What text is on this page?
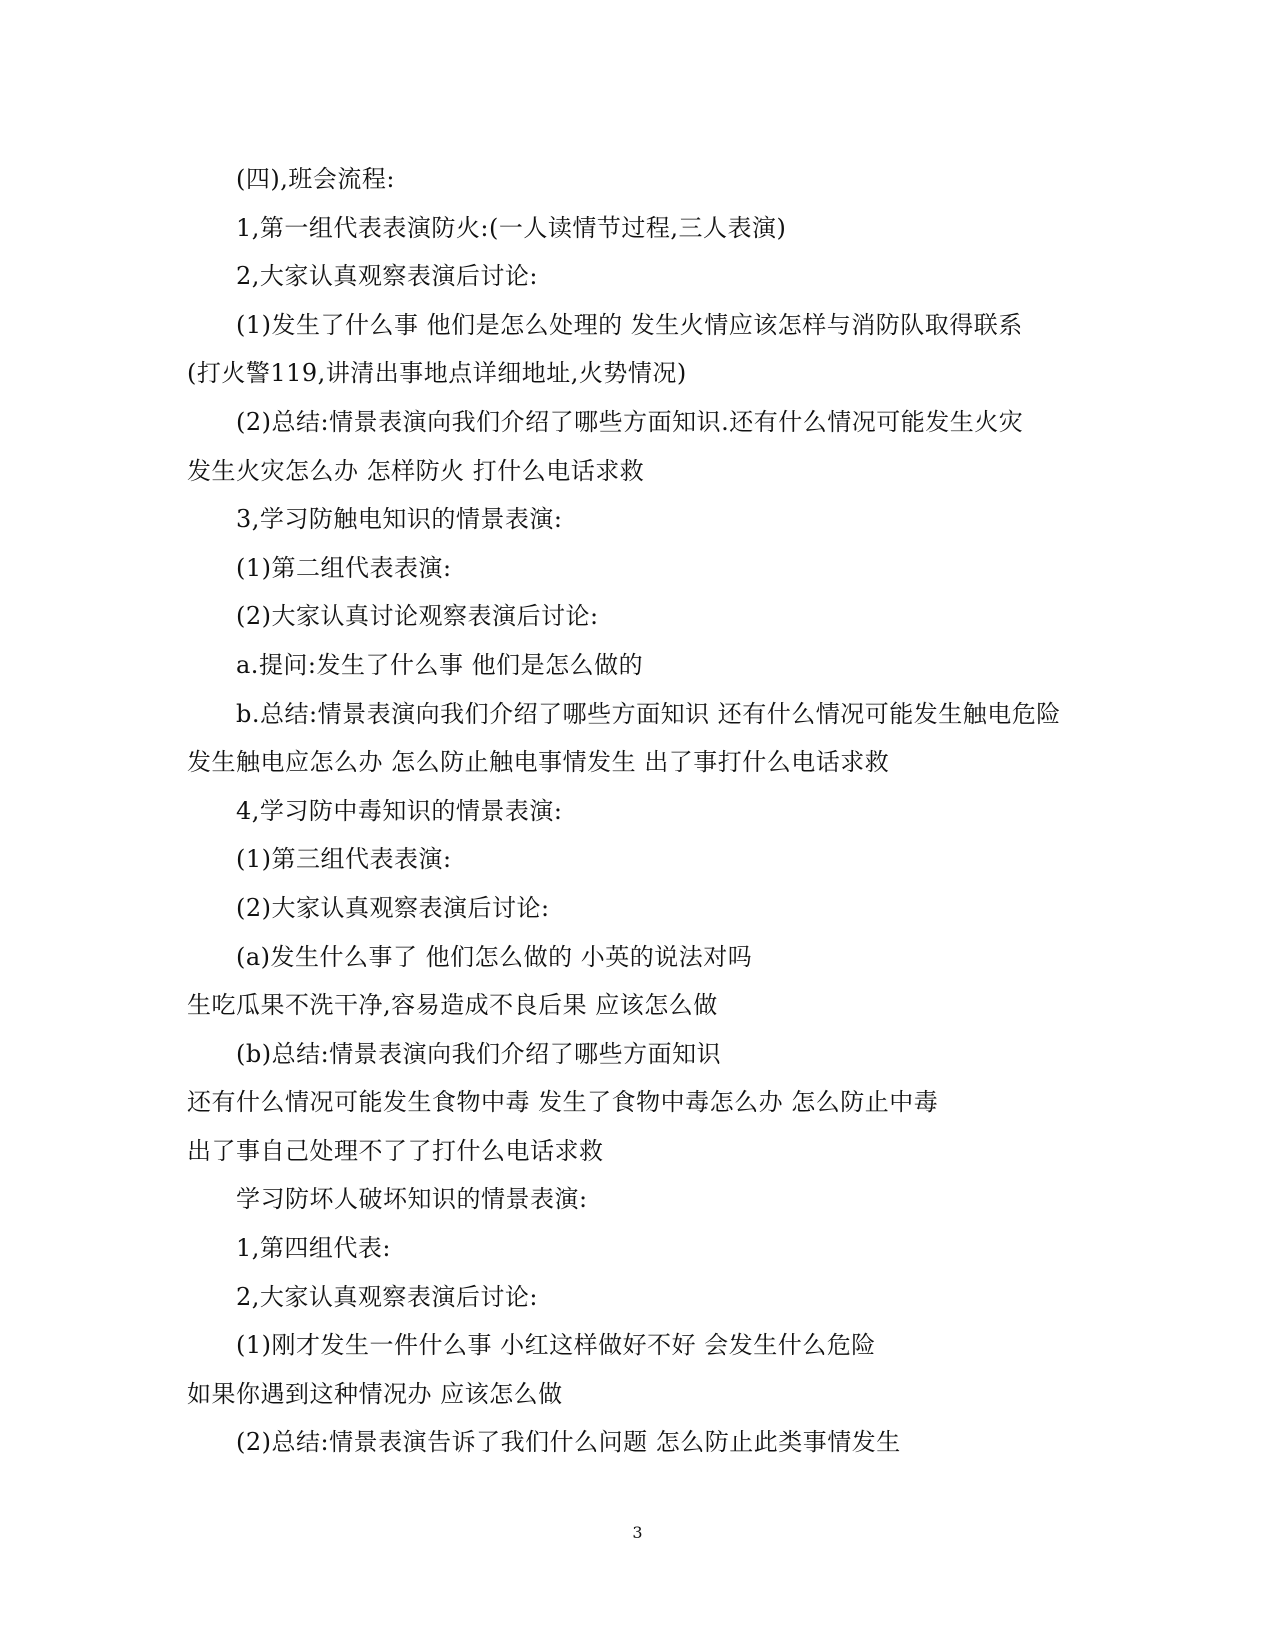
(四),班会流程:
1,第一组代表表演防火:(一人读情节过程,三人表演)
2,大家认真观察表演后讨论:
(1)发生了什么事 他们是怎么处理的 发生火情应该怎样与消防队取得联系
(打火警119,讲清出事地点详细地址,火势情况)
(2)总结:情景表演向我们介绍了哪些方面知识.还有什么情况可能发生火灾
发生火灾怎么办 怎样防火 打什么电话求救
3,学习防触电知识的情景表演:
(1)第二组代表表演:
(2)大家认真讨论观察表演后讨论:
a.提问:发生了什么事 他们是怎么做的
b.总结:情景表演向我们介绍了哪些方面知识 还有什么情况可能发生触电危险
发生触电应怎么办 怎么防止触电事情发生 出了事打什么电话求救
4,学习防中毒知识的情景表演:
(1)第三组代表表演:
(2)大家认真观察表演后讨论:
(a)发生什么事了 他们怎么做的 小英的说法对吗
生吃瓜果不洗干净,容易造成不良后果 应该怎么做
(b)总结:情景表演向我们介绍了哪些方面知识
还有什么情况可能发生食物中毒 发生了食物中毒怎么办 怎么防止中毒
出了事自己处理不了了打什么电话求救
学习防坏人破坏知识的情景表演:
1,第四组代表:
2,大家认真观察表演后讨论:
(1)刚才发生一件什么事 小红这样做好不好 会发生什么危险
如果你遇到这种情况办 应该怎么做
(2)总结:情景表演告诉了我们什么问题 怎么防止此类事情发生
3
